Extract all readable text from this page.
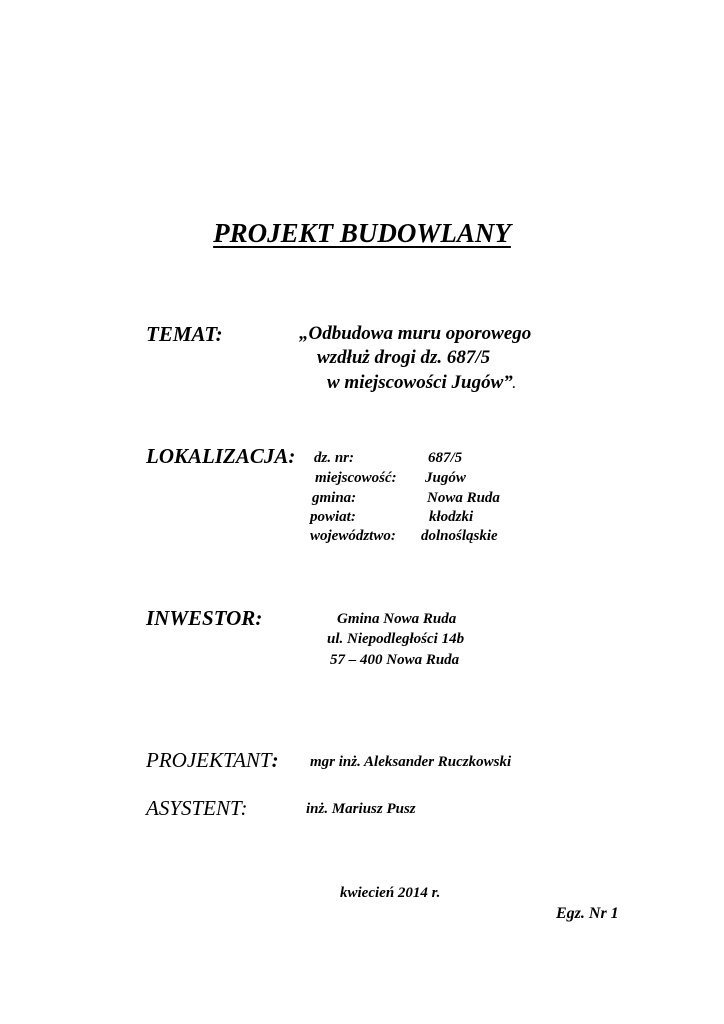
PROJEKT BUDOWLANY
TEMAT:	„Odbudowa muru oporowego
wzdłuż drogi dz. 687/5
w miejscowości Jugów”.
LOKALIZACJA: dz. nr:	687/5
miejscowość: Jugów
gmina:	Nowa Ruda
powiat:	kłodzki
województwo: dolnośląskie
INWESTOR:	Gmina Nowa Ruda
ul. Niepodległości 14b
57 – 400 Nowa Ruda
PROJEKTANT: mgr inż. Aleksander Ruczkowski
ASYSTENT:	inż. Mariusz Pusz
kwiecień 2014 r.
Egz. Nr 1
